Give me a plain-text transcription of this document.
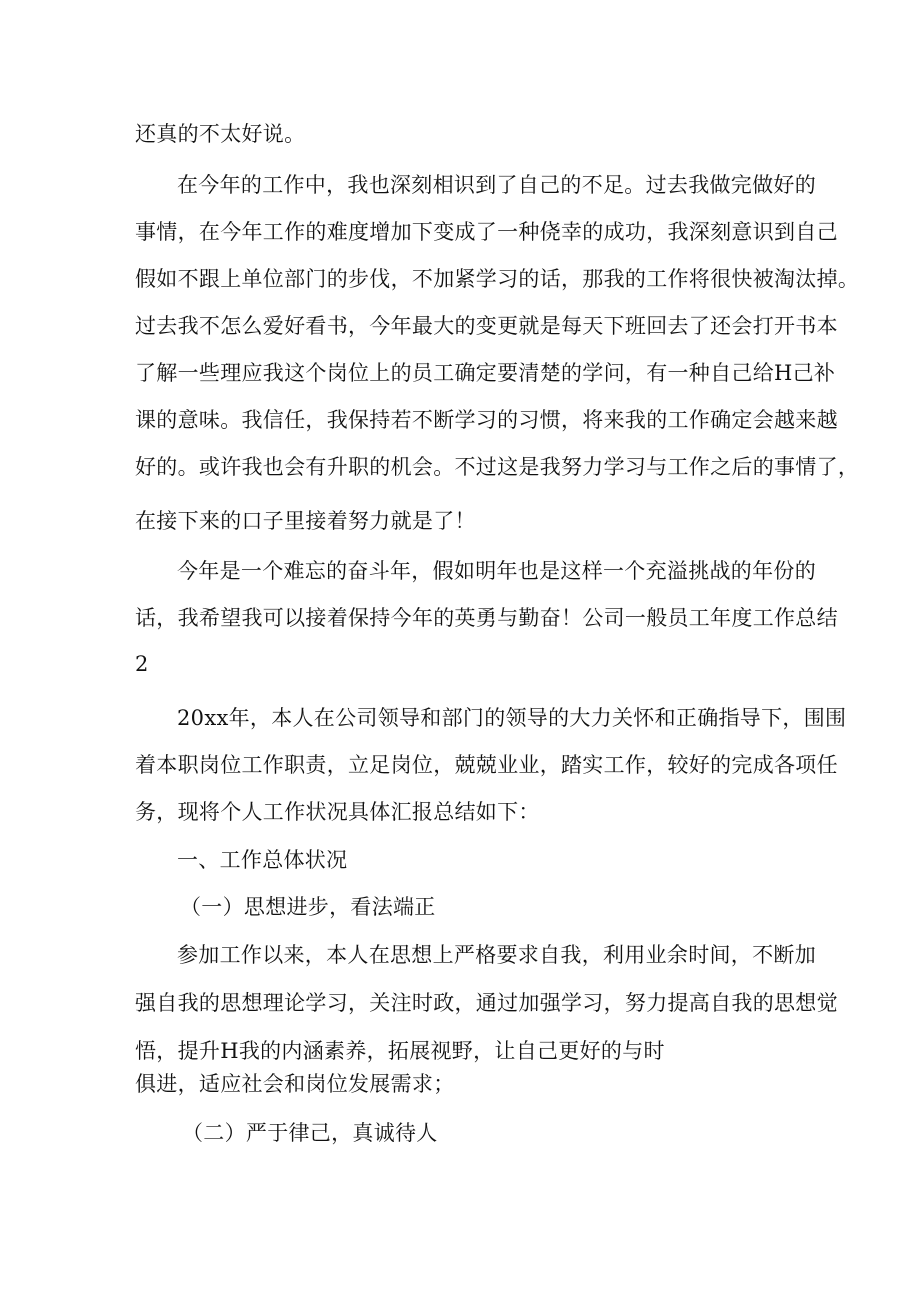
还真的不太好说。
在今年的工作中，我也深刻相识到了自己的不足。过去我做完做好的
事情，在今年工作的难度增加下变成了一种侥幸的成功，我深刻意识到自己
假如不跟上单位部门的步伐，不加紧学习的话，那我的工作将很快被淘汰掉。
过去我不怎么爱好看书，今年最大的变更就是每天下班回去了还会打开书本
了解一些理应我这个岗位上的员工确定要清楚的学问，有一种自己给H己补
课的意味。我信任，我保持若不断学习的习惯，将来我的工作确定会越来越
好的。或许我也会有升职的机会。不过这是我努力学习与工作之后的事情了，
在接下来的口子里接着努力就是了！
今年是一个难忘的奋斗年，假如明年也是这样一个充溢挑战的年份的
话，我希望我可以接着保持今年的英勇与勤奋！公司一般员工年度工作总结
2
20xx年，本人在公司领导和部门的领导的大力关怀和正确指导下，围围
着本职岗位工作职责，立足岗位，兢兢业业，踏实工作，较好的完成各项任
务，现将个人工作状况具体汇报总结如下：
一、工作总体状况
（一）思想进步，看法端正
参加工作以来，本人在思想上严格要求自我，利用业余时间，不断加
强自我的思想理论学习，关注时政，通过加强学习，努力提高自我的思想觉
悟，提升H我的内涵素养，拓展视野，让自己更好的与时
俱进，适应社会和岗位发展需求；
（二）严于律己，真诚待人
